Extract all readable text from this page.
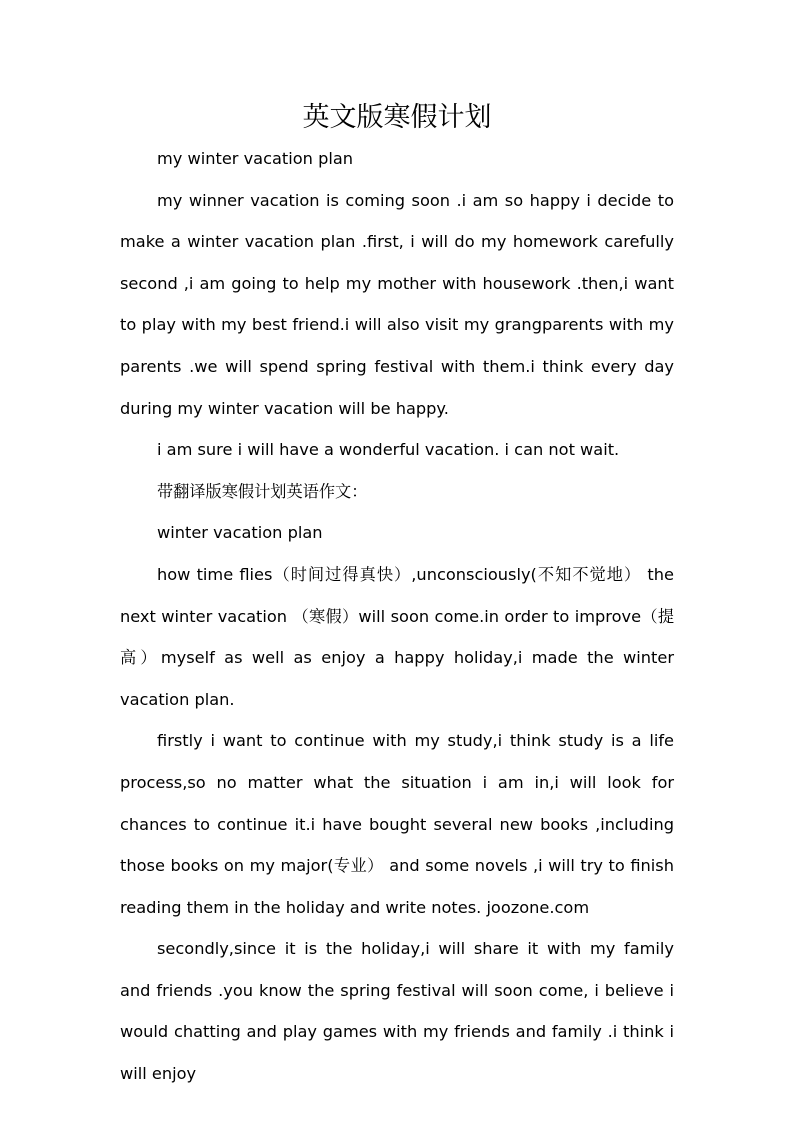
英文版寒假计划

my winter vacation plan

my winner vacation is coming soon .i am so happy i decide to make a winter vacation plan .first, i will do my homework carefully second ,i am going to help my mother with housework .then,i want to play with my best friend.i will also visit my grangparents with my parents .we will spend spring festival with them.i think every day during my winter vacation will be happy.

i am sure i will have a wonderful vacation. i can not wait.

带翻译版寒假计划英语作文：

winter vacation plan

how time flies（时间过得真快）,unconsciously(不知不觉地） the next winter vacation （寒假）will soon come.in order to improve（提高）myself as well as enjoy a happy holiday,i made the winter vacation plan.

firstly i want to continue with my study,i think study is a life process,so no matter what the situation i am in,i will look for chances to continue it.i have bought several new books ,including those books on my major(专业） and some novels ,i will try to finish reading them in the holiday and write notes. joozone.com

secondly,since it is the holiday,i will share it with my family and friends .you know the spring festival will soon come, i believe i would chatting and play games with my friends and family .i think i will enjoy
